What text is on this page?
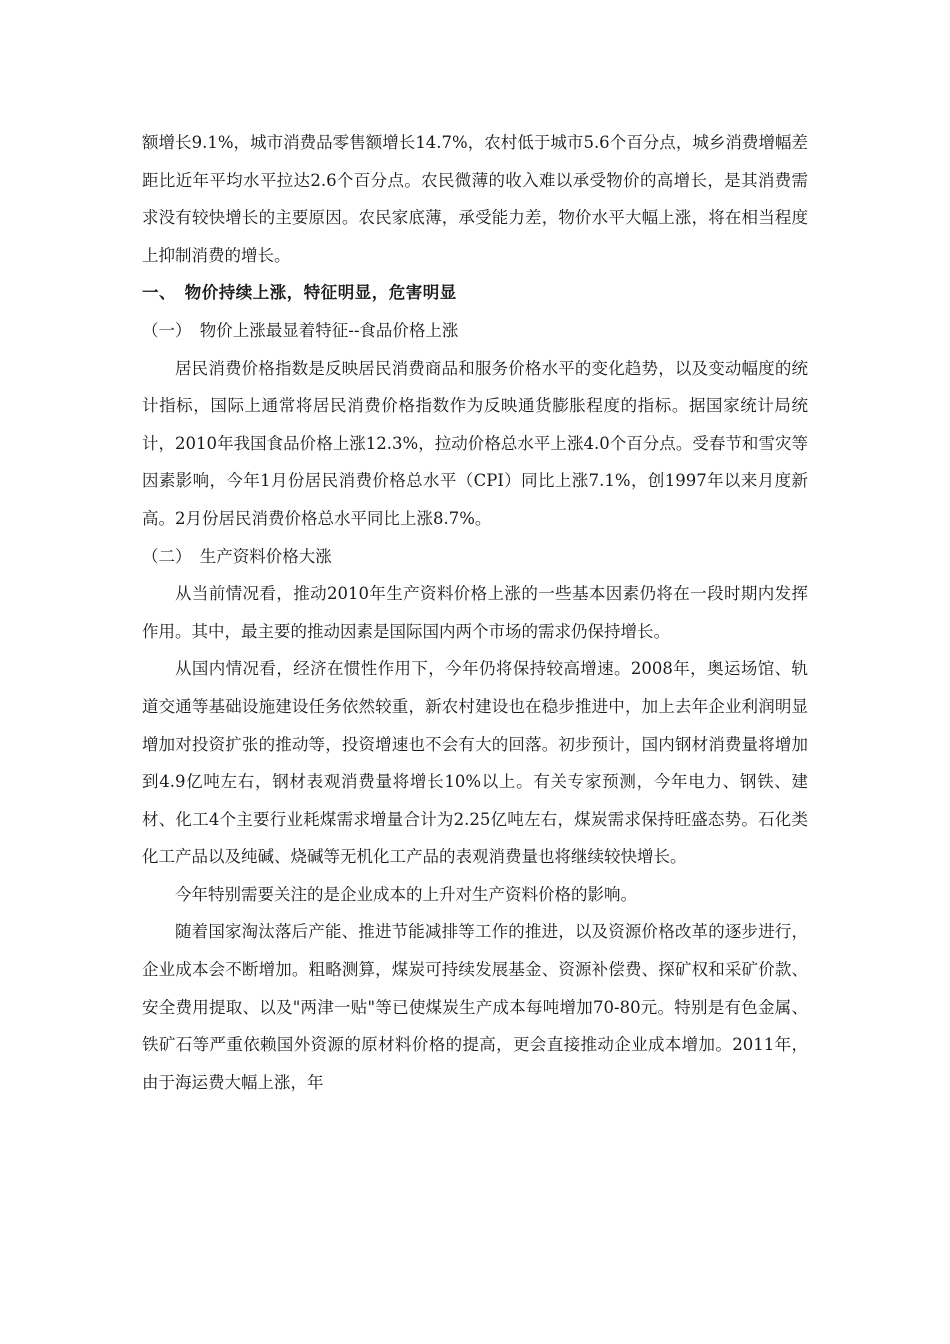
额增长9.1%，城市消费品零售额增长14.7%，农村低于城市5.6个百分点，城乡消费增幅差距比近年平均水平拉达2.6个百分点。农民微薄的收入难以承受物价的高增长，是其消费需求没有较快增长的主要原因。农民家底薄，承受能力差，物价水平大幅上涨，将在相当程度上抑制消费的增长。

一、　物价持续上涨，特征明显，危害明显

（一）　物价上涨最显着特征--食品价格上涨

居民消费价格指数是反映居民消费商品和服务价格水平的变化趋势，以及变动幅度的统计指标，国际上通常将居民消费价格指数作为反映通货膨胀程度的指标。据国家统计局统计，2010年我国食品价格上涨12.3%，拉动价格总水平上涨4.0个百分点。受春节和雪灾等因素影响，今年1月份居民消费价格总水平（CPI）同比上涨7.1%，创1997年以来月度新高。2月份居民消费价格总水平同比上涨8.7%。

（二）　生产资料价格大涨

从当前情况看，推动2010年生产资料价格上涨的一些基本因素仍将在一段时期内发挥作用。其中，最主要的推动因素是国际国内两个市场的需求仍保持增长。

从国内情况看，经济在惯性作用下，今年仍将保持较高增速。2008年，奥运场馆、轨道交通等基础设施建设任务依然较重，新农村建设也在稳步推进中，加上去年企业利润明显增加对投资扩张的推动等，投资增速也不会有大的回落。初步预计，国内钢材消费量将增加到4.9亿吨左右，钢材表观消费量将增长10%以上。有关专家预测，今年电力、钢铁、建材、化工4个主要行业耗煤需求增量合计为2.25亿吨左右，煤炭需求保持旺盛态势。石化类化工产品以及纯碱、烧碱等无机化工产品的表观消费量也将继续较快增长。

今年特别需要关注的是企业成本的上升对生产资料价格的影响。

随着国家淘汰落后产能、推进节能减排等工作的推进，以及资源价格改革的逐步进行，企业成本会不断增加。粗略测算，煤炭可持续发展基金、资源补偿费、探矿权和采矿价款、安全费用提取、以及"两津一贴"等已使煤炭生产成本每吨增加70-80元。特别是有色金属、铁矿石等严重依赖国外资源的原材料价格的提高，更会直接推动企业成本增加。2011年，由于海运费大幅上涨，年
